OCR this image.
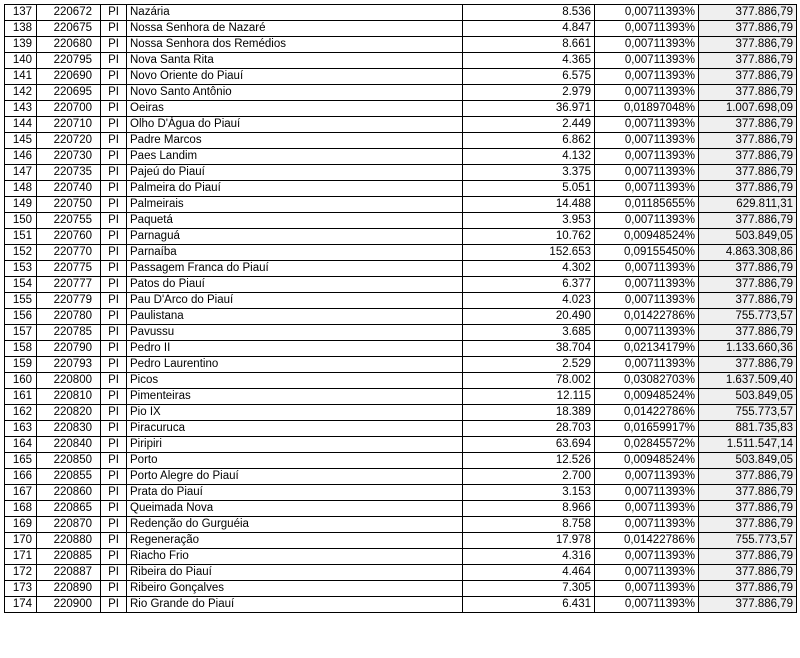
137	220672	PI	Nazária	8.536	0,00711393%	377.886,79
138	220675	PI	Nossa Senhora de Nazaré	4.847	0,00711393%	377.886,79
139	220680	PI	Nossa Senhora dos Remédios	8.661	0,00711393%	377.886,79
140	220795	PI	Nova Santa Rita	4.365	0,00711393%	377.886,79
141	220690	PI	Novo Oriente do Piauí	6.575	0,00711393%	377.886,79
142	220695	PI	Novo Santo Antônio	2.979	0,00711393%	377.886,79
143	220700	PI	Oeiras	36.971	0,01897048%	1.007.698,09
144	220710	PI	Olho D'Água do Piauí	2.449	0,00711393%	377.886,79
145	220720	PI	Padre Marcos	6.862	0,00711393%	377.886,79
146	220730	PI	Paes Landim	4.132	0,00711393%	377.886,79
147	220735	PI	Pajeú do Piauí	3.375	0,00711393%	377.886,79
148	220740	PI	Palmeira do Piauí	5.051	0,00711393%	377.886,79
149	220750	PI	Palmeirais	14.488	0,01185655%	629.811,31
150	220755	PI	Paquetá	3.953	0,00711393%	377.886,79
151	220760	PI	Parnaguá	10.762	0,00948524%	503.849,05
152	220770	PI	Parnaíba	152.653	0,09155450%	4.863.308,86
153	220775	PI	Passagem Franca do Piauí	4.302	0,00711393%	377.886,79
154	220777	PI	Patos do Piauí	6.377	0,00711393%	377.886,79
155	220779	PI	Pau D'Arco do Piauí	4.023	0,00711393%	377.886,79
156	220780	PI	Paulistana	20.490	0,01422786%	755.773,57
157	220785	PI	Pavussu	3.685	0,00711393%	377.886,79
158	220790	PI	Pedro II	38.704	0,02134179%	1.133.660,36
159	220793	PI	Pedro Laurentino	2.529	0,00711393%	377.886,79
160	220800	PI	Picos	78.002	0,03082703%	1.637.509,40
161	220810	PI	Pimenteiras	12.115	0,00948524%	503.849,05
162	220820	PI	Pio IX	18.389	0,01422786%	755.773,57
163	220830	PI	Piracuruca	28.703	0,01659917%	881.735,83
164	220840	PI	Piripiri	63.694	0,02845572%	1.511.547,14
165	220850	PI	Porto	12.526	0,00948524%	503.849,05
166	220855	PI	Porto Alegre do Piauí	2.700	0,00711393%	377.886,79
167	220860	PI	Prata do Piauí	3.153	0,00711393%	377.886,79
168	220865	PI	Queimada Nova	8.966	0,00711393%	377.886,79
169	220870	PI	Redenção do Gurguéia	8.758	0,00711393%	377.886,79
170	220880	PI	Regeneração	17.978	0,01422786%	755.773,57
171	220885	PI	Riacho Frio	4.316	0,00711393%	377.886,79
172	220887	PI	Ribeira do Piauí	4.464	0,00711393%	377.886,79
173	220890	PI	Ribeiro Gonçalves	7.305	0,00711393%	377.886,79
174	220900	PI	Rio Grande do Piauí	6.431	0,00711393%	377.886,79
